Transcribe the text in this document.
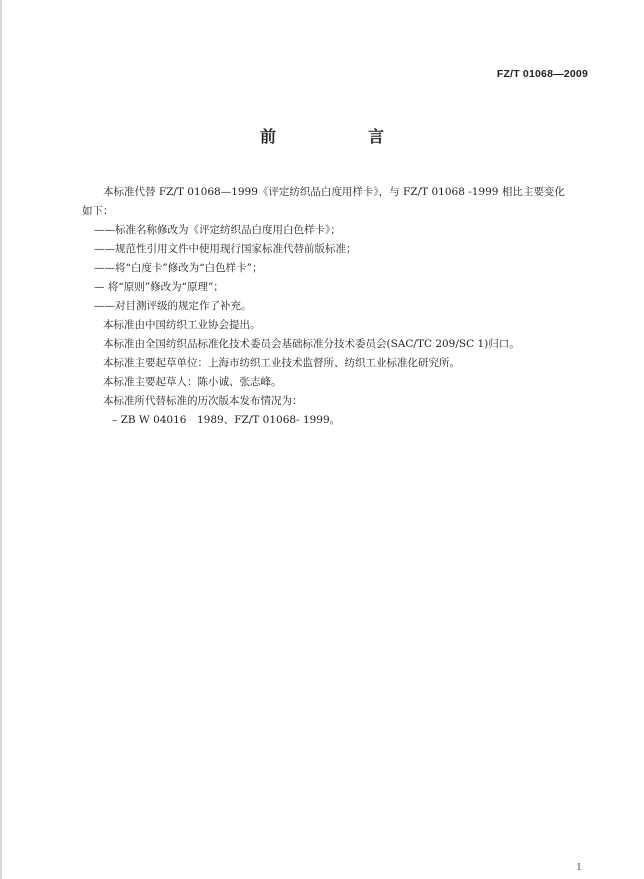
FZ/T 01068—2009
前　言
本标准代替 FZ/T 01068—1999《评定纺织品白度用样卡》，与 FZ/T 01068 -1999 相比主要变化
如下：
——标准名称修改为《评定纺织品白度用白色样卡》；
——规范性引用文件中使用现行国家标准代替前版标准；
——将“白度卡”修改为“白色样卡”；
— 将“原则”修改为“原理”；
——对目测评级的规定作了补充。
本标准由中国纺织工业协会提出。
本标准由全国纺织品标准化技术委员会基础标准分技术委员会(SAC/TC 209/SC 1)归口。
本标准主要起草单位：上海市纺织工业技术监督所、纺织工业标准化研究所。
本标准主要起草人：陈小诚、张志峰。
本标准所代替标准的历次版本发布情况为：
– ZB W 04016　1989、FZ/T 01068- 1999。
1
